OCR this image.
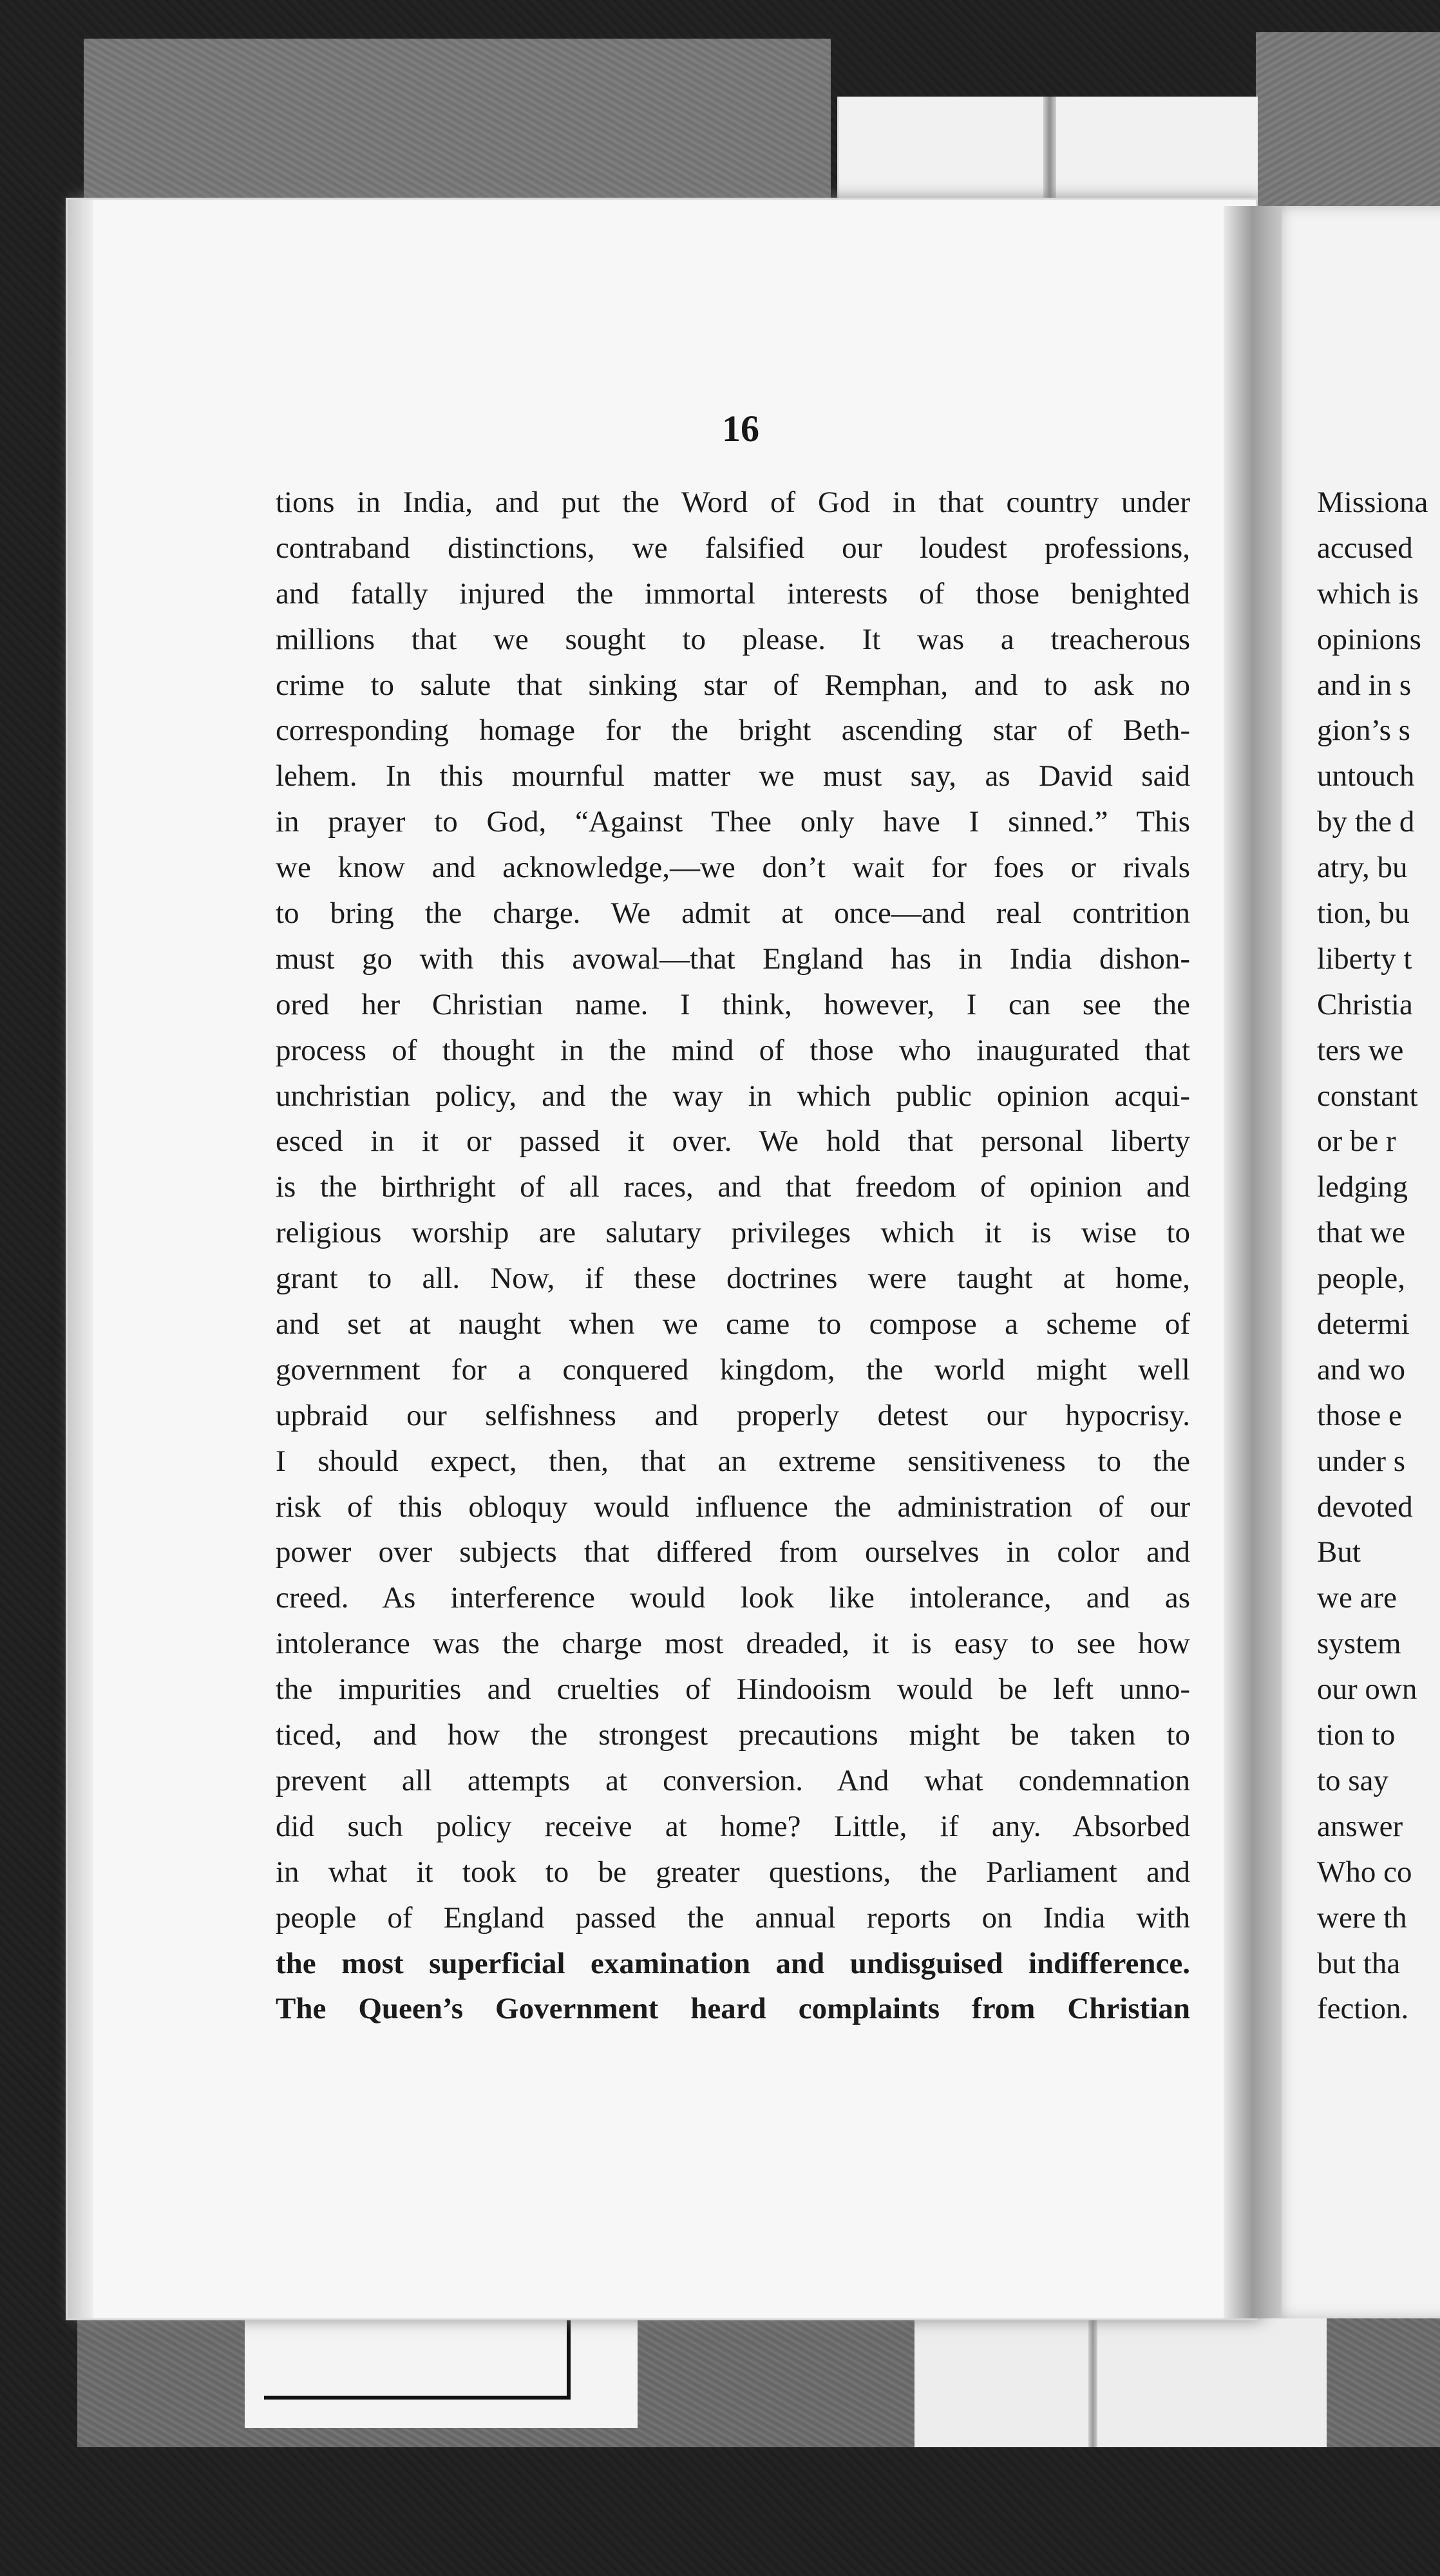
16
tions in India, and put the Word of God in that country under
contraband distinctions, we falsified our loudest professions,
and fatally injured the immortal interests of those benighted
millions that we sought to please. It was a treacherous
crime to salute that sinking star of Remphan, and to ask no
corresponding homage for the bright ascending star of Beth-
lehem. In this mournful matter we must say, as David said
in prayer to God, “Against Thee only have I sinned.” This
we know and acknowledge,—we don’t wait for foes or rivals
to bring the charge. We admit at once—and real contrition
must go with this avowal—that England has in India dishon-
ored her Christian name. I think, however, I can see the
process of thought in the mind of those who inaugurated that
unchristian policy, and the way in which public opinion acqui-
esced in it or passed it over. We hold that personal liberty
is the birthright of all races, and that freedom of opinion and
religious worship are salutary privileges which it is wise to
grant to all. Now, if these doctrines were taught at home,
and set at naught when we came to compose a scheme of
government for a conquered kingdom, the world might well
upbraid our selfishness and properly detest our hypocrisy.
I should expect, then, that an extreme sensitiveness to the
risk of this obloquy would influence the administration of our
power over subjects that differed from ourselves in color and
creed. As interference would look like intolerance, and as
intolerance was the charge most dreaded, it is easy to see how
the impurities and cruelties of Hindooism would be left unno-
ticed, and how the strongest precautions might be taken to
prevent all attempts at conversion. And what condemnation
did such policy receive at home? Little, if any. Absorbed
in what it took to be greater questions, the Parliament and
people of England passed the annual reports on India with
the most superficial examination and undisguised indifference.
The Queen’s Government heard complaints from Christian
Missiona
accused
which is
opinions
and in s
gion’s s
untouch
by the d
atry, bu
tion, bu
liberty t
Christia
ters we
constant
or be r
ledging
that we
people,
determi
and wo
those e
under s
devoted
But
we are
system
our own
tion to
to say
answer
Who co
were th
but tha
fection.
